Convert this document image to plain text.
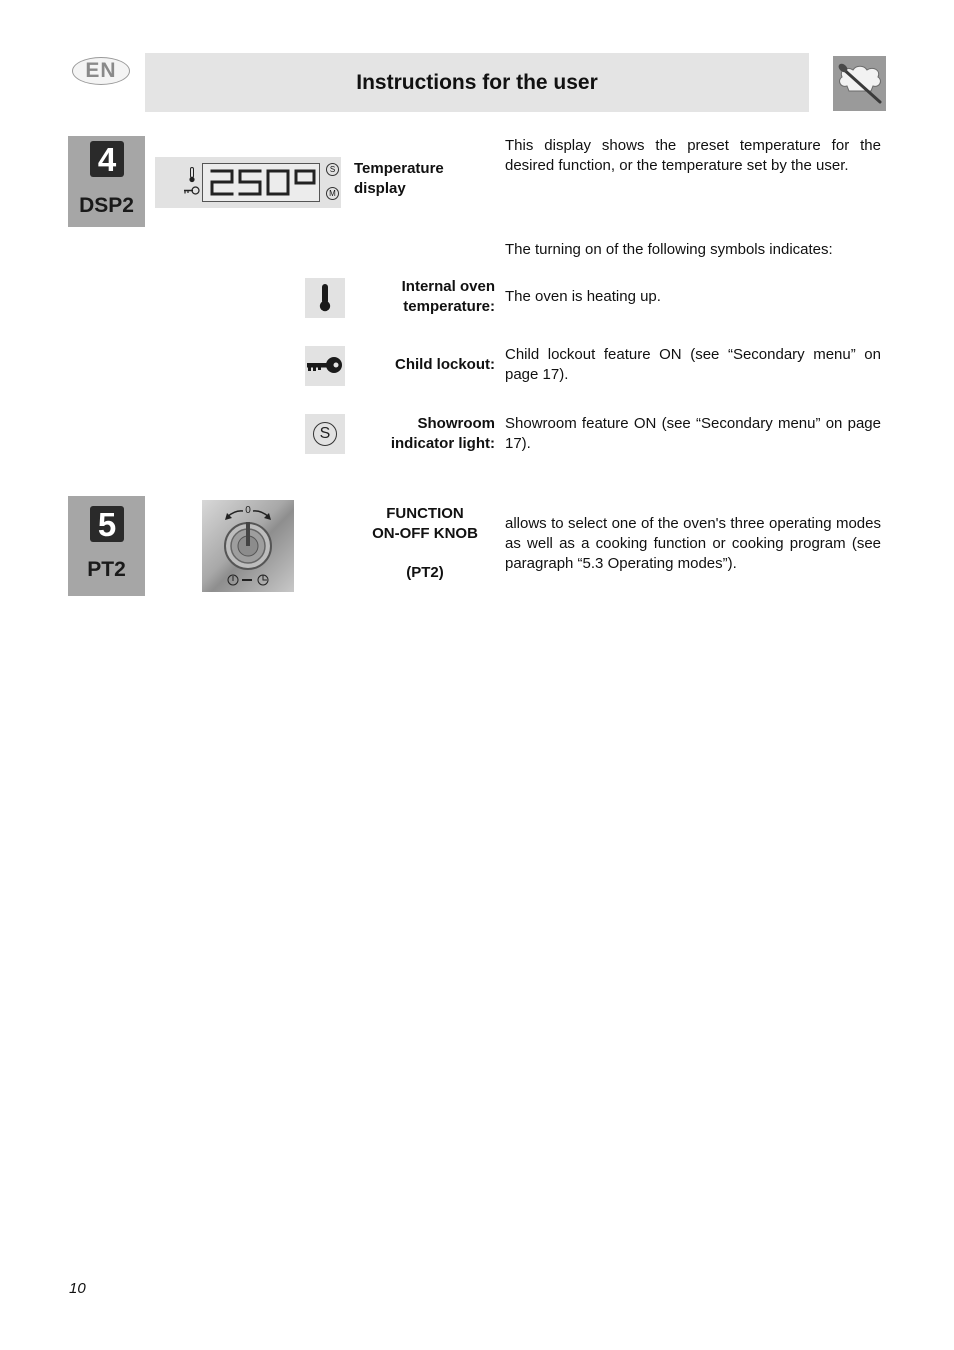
EN	Instructions for the user
4
DSP2
S
M
Temperature display
This display shows the preset temperature for the desired function, or the temperature set by the user.
The turning on of the following symbols indicates:
Internal oven temperature:
The oven is heating up.
Child lockout:
Child lockout feature ON (see “Secondary menu” on page 17).
S
Showroom indicator light:
Showroom feature ON (see “Secondary menu” on page 17).
5
PT2
0	FUNCTION
ON-OFF KNOB
(PT2)
allows to select one of the oven's three operating modes as well as a cooking function or cooking program (see paragraph “5.3 Operating modes”).
10
